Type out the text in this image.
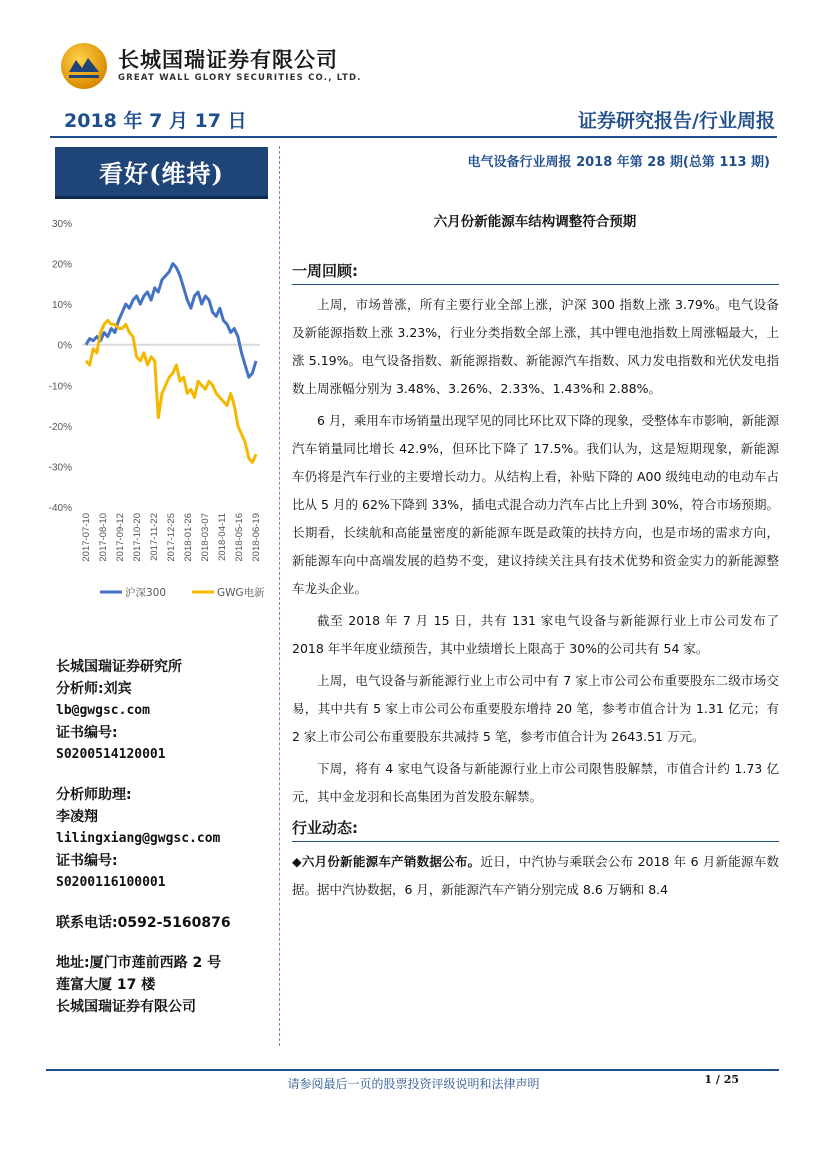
长城国瑞证券有限公司
GREAT WALL GLORY SECURITIES CO., LTD.
2018 年 7 月 17 日	证券研究报告/行业周报
看好(维持)
30%
20%
10%
0%
-10%
-20%
-30%
-40%
2017-07-10 2017-08-10 2017-09-12 2017-10-20 2017-11-22 2017-12-25 2018-01-26 2018-03-07 2018-04-11 2018-05-16 2018-06-19
沪深300	GWG电新
长城国瑞证券研究所
分析师:刘宾
lb@gwgsc.com
证书编号:
S0200514120001
分析师助理:
李凌翔
lilingxiang@gwgsc.com
证书编号:
S0200116100001
联系电话:0592-5160876
地址:厦门市莲前西路 2 号
莲富大厦 17 楼
长城国瑞证券有限公司
电气设备行业周报 2018 年第 28 期(总第 113 期)
六月份新能源车结构调整符合预期
一周回顾:

上周，市场普涨，所有主要行业全部上涨，沪深 300 指数上涨 3.79%。电气设备及新能源指数上涨 3.23%，行业分类指数全部上涨，其中锂电池指数上周涨幅最大，上涨 5.19%。电气设备指数、新能源指数、新能源汽车指数、风力发电指数和光伏发电指数上周涨幅分别为 3.48%、3.26%、2.33%、1.43%和 2.88%。

6 月，乘用车市场销量出现罕见的同比环比双下降的现象，受整体车市影响，新能源汽车销量同比增长 42.9%，但环比下降了 17.5%。我们认为，这是短期现象，新能源车仍将是汽车行业的主要增长动力。从结构上看，补贴下降的 A00 级纯电动的电动车占比从 5 月的 62%下降到 33%，插电式混合动力汽车占比上升到 30%，符合市场预期。长期看，长续航和高能量密度的新能源车既是政策的扶持方向，也是市场的需求方向，新能源车向中高端发展的趋势不变，建议持续关注具有技术优势和资金实力的新能源整车龙头企业。

截至 2018 年 7 月 15 日，共有 131 家电气设备与新能源行业上市公司发布了 2018 年半年度业绩预告，其中业绩增长上限高于 30%的公司共有 54 家。

上周，电气设备与新能源行业上市公司中有 7 家上市公司公布重要股东二级市场交易，其中共有 5 家上市公司公布重要股东增持 20 笔，参考市值合计为 1.31 亿元；有 2 家上市公司公布重要股东共减持 5 笔，参考市值合计为 2643.51 万元。

下周，将有 4 家电气设备与新能源行业上市公司限售股解禁，市值合计约 1.73 亿元，其中金龙羽和长高集团为首发股东解禁。

行业动态:

◆六月份新能源车产销数据公布。近日，中汽协与乘联会公布 2018 年 6 月新能源车数据。据中汽协数据，6 月，新能源汽车产销分别完成 8.6 万辆和 8.4

请参阅最后一页的股票投资评级说明和法律声明	1 / 25
